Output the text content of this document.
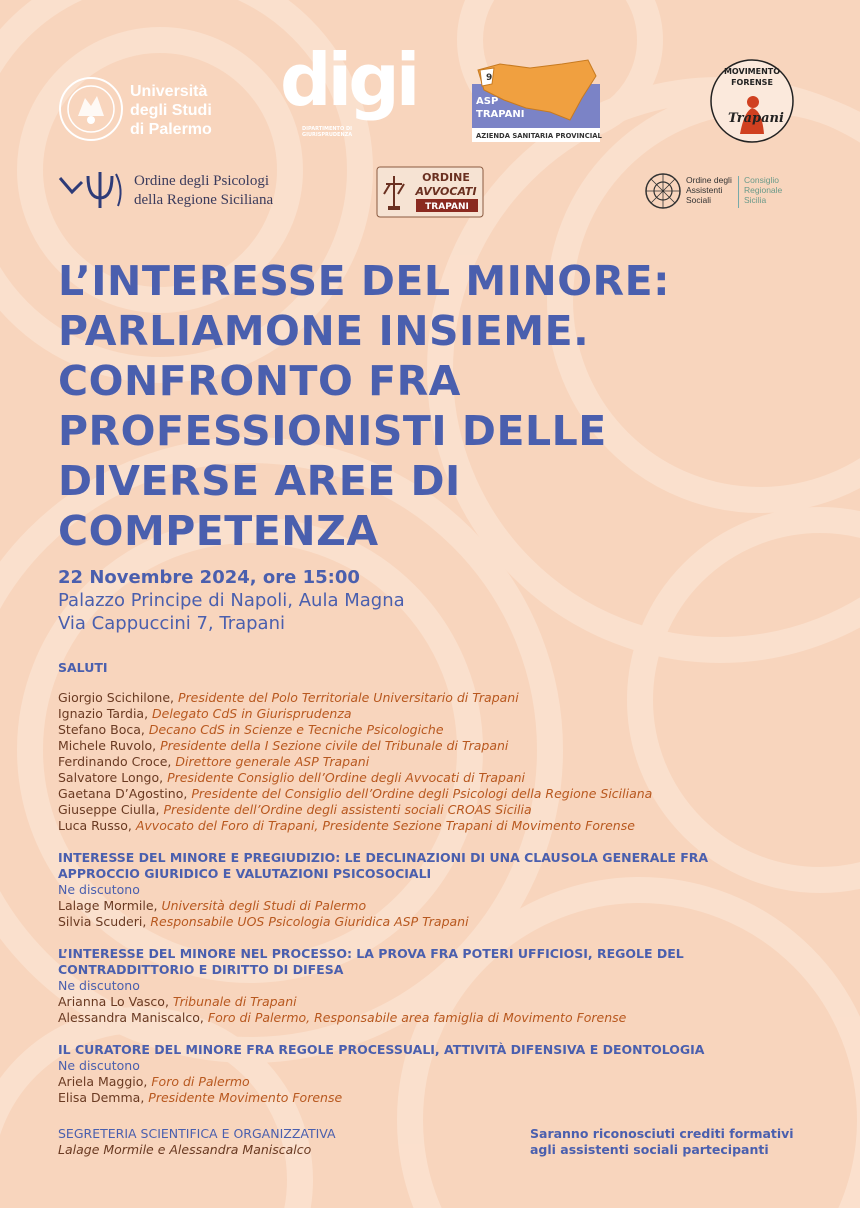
Università degli Studi di Palermo
digi
DIPARTIMENTO DI GIURISPRUDENZA
9
ASP
TRAPANI
AZIENDA SANITARIA PROVINCIALE
MOVIMENTO
FORENSE
Trapani
Ordine degli Psicologi
della Regione Siciliana
ORDINE
AVVOCATI
TRAPANI
Ordine degli Assistenti Sociali
Consiglio Regionale Sicilia
L’INTERESSE DEL MINORE:
PARLIAMONE INSIEME.
CONFRONTO FRA
PROFESSIONISTI DELLE
DIVERSE AREE DI
COMPETENZA
22 Novembre 2024, ore 15:00
Palazzo Principe di Napoli, Aula Magna
Via Cappuccini 7, Trapani

SALUTI

Giorgio Scichilone, Presidente del Polo Territoriale Universitario di Trapani

Ignazio Tardia, Delegato CdS in Giurisprudenza

Stefano Boca, Decano CdS in Scienze e Tecniche Psicologiche

Michele Ruvolo, Presidente della I Sezione civile del Tribunale di Trapani

Ferdinando Croce, Direttore generale ASP Trapani

Salvatore Longo, Presidente Consiglio dell’Ordine degli Avvocati di Trapani

Gaetana D’Agostino, Presidente del Consiglio dell’Ordine degli Psicologi della Regione Siciliana

Giuseppe Ciulla, Presidente dell’Ordine degli assistenti sociali CROAS Sicilia

Luca Russo, Avvocato del Foro di Trapani, Presidente Sezione Trapani di Movimento Forense

INTERESSE DEL MINORE E PREGIUDIZIO: LE DECLINAZIONI DI UNA CLAUSOLA GENERALE FRA

APPROCCIO GIURIDICO E VALUTAZIONI PSICOSOCIALI

Ne discutono

Lalage Mormile, Università degli Studi di Palermo

Silvia Scuderi, Responsabile UOS Psicologia Giuridica ASP Trapani

L’INTERESSE DEL MINORE NEL PROCESSO: LA PROVA FRA POTERI UFFICIOSI, REGOLE DEL

CONTRADDITTORIO E DIRITTO DI DIFESA

Ne discutono

Arianna Lo Vasco, Tribunale di Trapani

Alessandra Maniscalco, Foro di Palermo, Responsabile area famiglia di Movimento Forense

IL CURATORE DEL MINORE FRA REGOLE PROCESSUALI, ATTIVITÀ DIFENSIVA E DEONTOLOGIA

Ne discutono

Ariela Maggio, Foro di Palermo

Elisa Demma, Presidente Movimento Forense

SEGRETERIA SCIENTIFICA E ORGANIZZATIVA
Lalage Mormile e Alessandra Maniscalco
Saranno riconosciuti crediti formativi
agli assistenti sociali partecipanti
